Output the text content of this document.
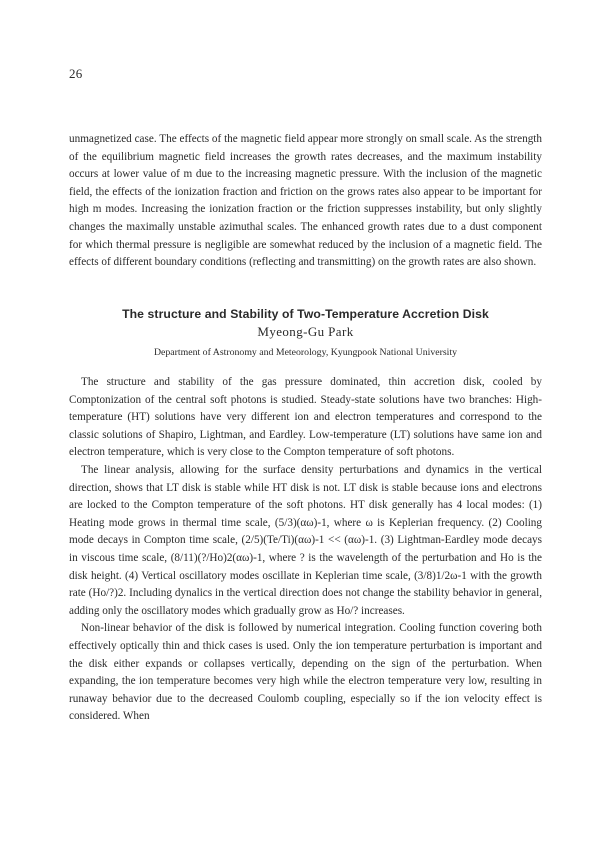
26

unmagnetized case. The effects of the magnetic field appear more strongly on small scale. As the strength of the equilibrium magnetic field increases the growth rates decreases, and the maximum instability occurs at lower value of m due to the increasing magnetic pressure. With the inclusion of the magnetic field, the effects of the ionization fraction and friction on the grows rates also appear to be important for high m modes. Increasing the ionization fraction or the friction suppresses instability, but only slightly changes the maximally unstable azimuthal scales. The enhanced growth rates due to a dust component for which thermal pressure is negligible are somewhat reduced by the inclusion of a magnetic field. The effects of different boundary conditions (reflecting and transmitting) on the growth rates are also shown.

The structure and Stability of Two-Temperature Accretion Disk
Myeong-Gu Park
Department of Astronomy and Meteorology, Kyungpook National University

The structure and stability of the gas pressure dominated, thin accretion disk, cooled by Comptonization of the central soft photons is studied. Steady-state solutions have two branches: High-temperature (HT) solutions have very different ion and electron temperatures and correspond to the classic solutions of Shapiro, Lightman, and Eardley. Low-temperature (LT) solutions have same ion and electron temperature, which is very close to the Compton temperature of soft photons.

The linear analysis, allowing for the surface density perturbations and dynamics in the vertical direction, shows that LT disk is stable while HT disk is not. LT disk is stable because ions and electrons are locked to the Compton temperature of the soft photons. HT disk generally has 4 local modes: (1) Heating mode grows in thermal time scale, (5/3)(αω)-1, where ω is Keplerian frequency. (2) Cooling mode decays in Compton time scale, (2/5)(Te/Ti)(αω)-1 << (αω)-1. (3) Lightman-Eardley mode decays in viscous time scale, (8/11)(?/Ho)2(αω)-1, where ? is the wavelength of the perturbation and Ho is the disk height. (4) Vertical oscillatory modes oscillate in Keplerian time scale, (3/8)1/2ω-1 with the growth rate (Ho/?)2. Including dynalics in the vertical direction does not change the stability behavior in general, adding only the oscillatory modes which gradually grow as Ho/? increases.

Non-linear behavior of the disk is followed by numerical integration. Cooling function covering both effectively optically thin and thick cases is used. Only the ion temperature perturbation is important and the disk either expands or collapses vertically, depending on the sign of the perturbation. When expanding, the ion temperature becomes very high while the electron temperature very low, resulting in runaway behavior due to the decreased Coulomb coupling, especially so if the ion velocity effect is considered. When
